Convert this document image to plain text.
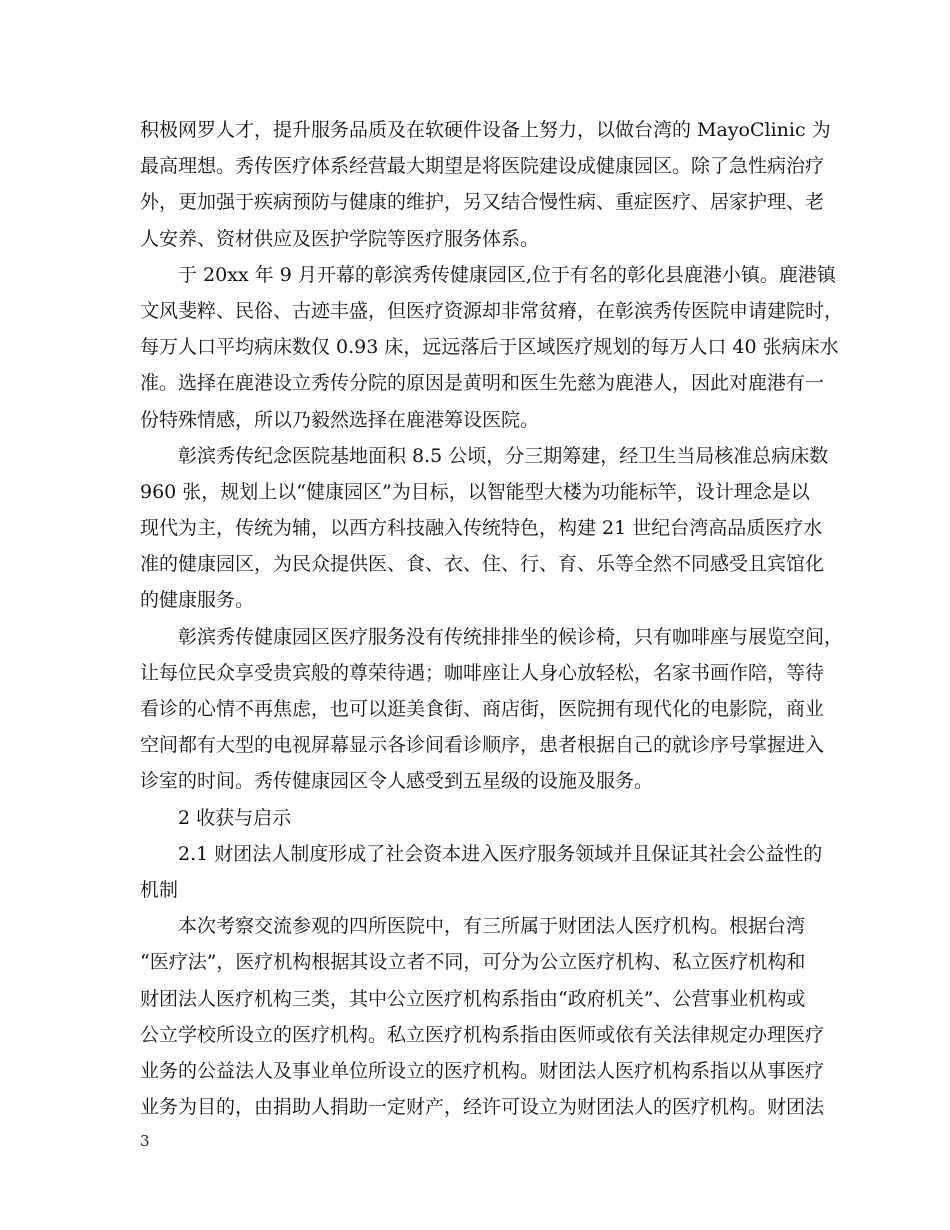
积极网罗人才，提升服务品质及在软硬件设备上努力，以做台湾的 MayoClinic 为
最高理想。秀传医疗体系经营最大期望是将医院建设成健康园区。除了急性病治疗
外，更加强于疾病预防与健康的维护，另又结合慢性病、重症医疗、居家护理、老
人安养、资材供应及医护学院等医疗服务体系。

于 20xx 年 9 月开幕的彰滨秀传健康园区,位于有名的彰化县鹿港小镇。鹿港镇
文风斐粹、民俗、古迹丰盛，但医疗资源却非常贫瘠，在彰滨秀传医院申请建院时，
每万人口平均病床数仅 0.93 床，远远落后于区域医疗规划的每万人口 40 张病床水
准。选择在鹿港设立秀传分院的原因是黄明和医生先慈为鹿港人，因此对鹿港有一
份特殊情感，所以乃毅然选择在鹿港筹设医院。

彰滨秀传纪念医院基地面积 8.5 公顷，分三期筹建，经卫生当局核准总病床数
960 张，规划上以“健康园区”为目标，以智能型大楼为功能标竿，设计理念是以
现代为主，传统为辅，以西方科技融入传统特色，构建 21 世纪台湾高品质医疗水
准的健康园区，为民众提供医、食、衣、住、行、育、乐等全然不同感受且宾馆化
的健康服务。

彰滨秀传健康园区医疗服务没有传统排排坐的候诊椅，只有咖啡座与展览空间，
让每位民众享受贵宾般的尊荣待遇；咖啡座让人身心放轻松，名家书画作陪，等待
看诊的心情不再焦虑，也可以逛美食街、商店街，医院拥有现代化的电影院，商业
空间都有大型的电视屏幕显示各诊间看诊顺序，患者根据自己的就诊序号掌握进入
诊室的时间。秀传健康园区令人感受到五星级的设施及服务。

2 收获与启示

2.1 财团法人制度形成了社会资本进入医疗服务领域并且保证其社会公益性的
机制

本次考察交流参观的四所医院中，有三所属于财团法人医疗机构。根据台湾
“医疗法”，医疗机构根据其设立者不同，可分为公立医疗机构、私立医疗机构和
财团法人医疗机构三类，其中公立医疗机构系指由“政府机关”、公营事业机构或
公立学校所设立的医疗机构。私立医疗机构系指由医师或依有关法律规定办理医疗
业务的公益法人及事业单位所设立的医疗机构。财团法人医疗机构系指以从事医疗
业务为目的，由捐助人捐助一定财产，经许可设立为财团法人的医疗机构。财团法

3
